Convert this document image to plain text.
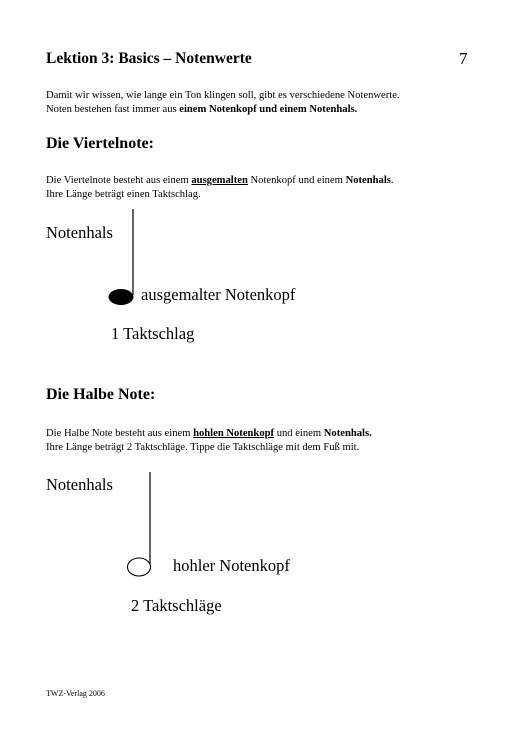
Lektion 3: Basics – Notenwerte	7
Damit wir wissen, wie lange ein Ton klingen soll, gibt es verschiedene Notenwerte.
Noten bestehen fast immer aus einem Notenkopf und einem Notenhals.
Die Viertelnote:
Die Viertelnote besteht aus einem ausgemalten Notenkopf und einem Notenhals.
Ihre Länge beträgt einen Taktschlag.
Notenhals
ausgemalter Notenkopf
1 Taktschlag
Die Halbe Note:
Die Halbe Note besteht aus einem hohlen Notenkopf und einem Notenhals.
Ihre Länge beträgt 2 Taktschläge. Tippe die Taktschläge mit dem Fuß mit.
Notenhals
hohler Notenkopf
2 Taktschläge
TWZ-Verlag 2006
